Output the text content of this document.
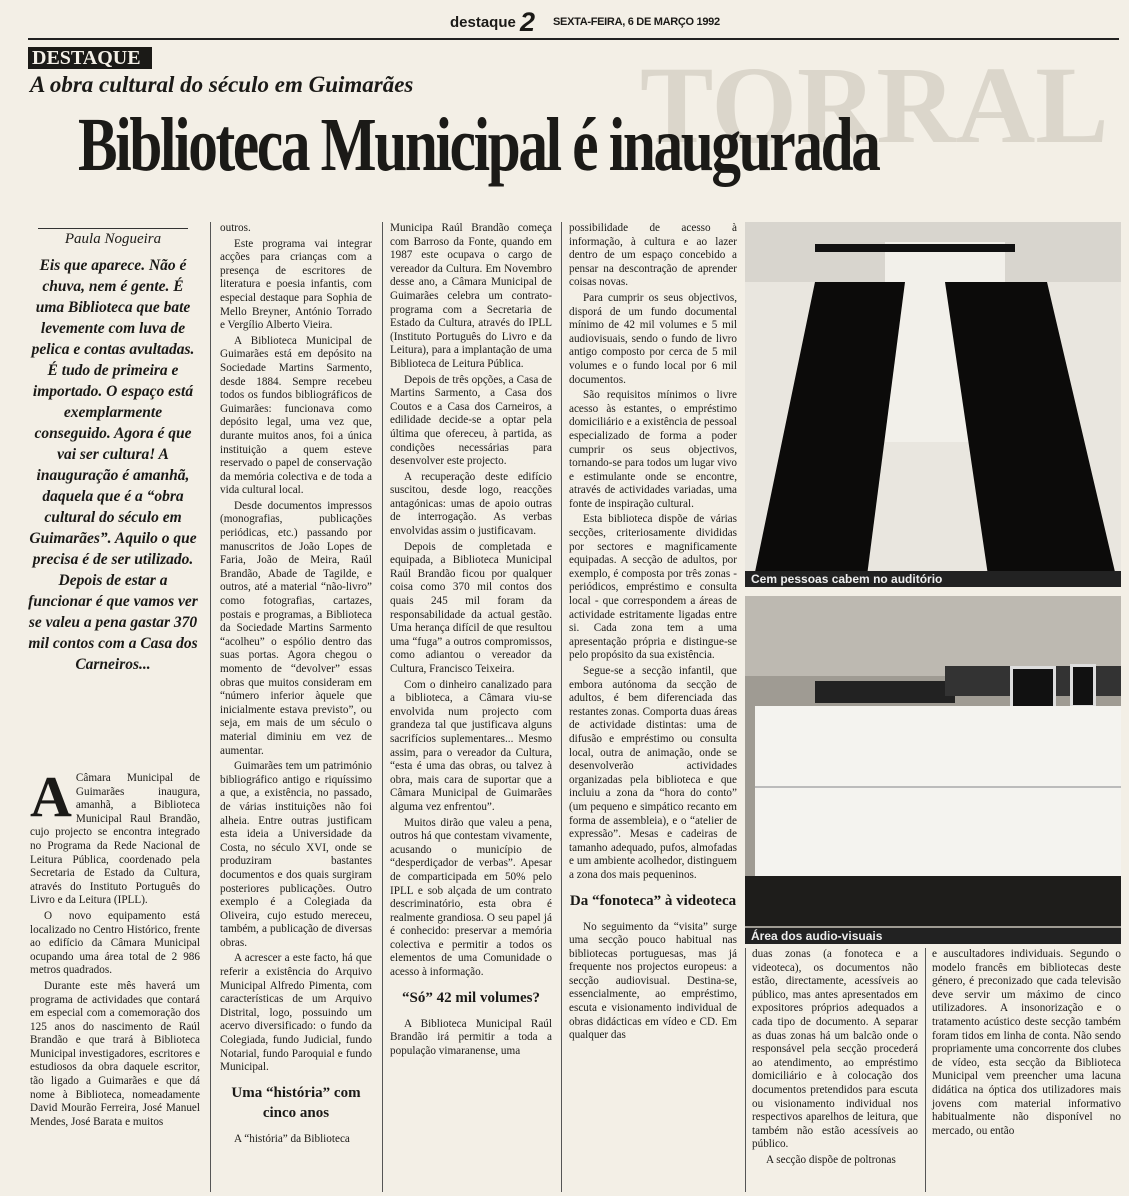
TORRAL
destaque 2 SEXTA-FEIRA, 6 DE MARÇO 1992
DESTAQUE
A obra cultural do século em Guimarães
Biblioteca Municipal é inaugurada
Paula Nogueira
Eis que aparece. Não é chuva, nem é gente. É uma Biblioteca que bate levemente com luva de pelica e contas avultadas. É tudo de primeira e importado. O espaço está exemplarmente conseguido. Agora é que vai ser cultura! A inauguração é amanhã, daquela que é a “obra cultural do século em Guimarães”. Aquilo o que precisa é de ser utilizado. Depois de estar a funcionar é que vamos ver se valeu a pena gastar 370 mil contos com a Casa dos Carneiros...
A Câmara Municipal de Guimarães inaugura, amanhã, a Biblioteca Municipal Raul Brandão, cujo projecto se encontra integrado no Programa da Rede Nacional de Leitura Pública, coordenado pela Secretaria de Estado da Cultura, através do Instituto Português do Livro e da Leitura (IPLL).

O novo equipamento está localizado no Centro Histórico, frente ao edifício da Câmara Municipal ocupando uma área total de 2 986 metros quadrados.

Durante este mês haverá um programa de actividades que contará em especial com a comemoração dos 125 anos do nascimento de Raúl Brandão e que trará à Biblioteca Municipal investigadores, escritores e estudiosos da obra daquele escritor, tão ligado a Guimarães e que dá nome à Biblioteca, nomeadamente David Mourão Ferreira, José Manuel Mendes, José Barata e muitos

outros.

Este programa vai integrar acções para crianças com a presença de escritores de literatura e poesia infantis, com especial destaque para Sophia de Mello Breyner, António Torrado e Vergílio Alberto Vieira.

A Biblioteca Municipal de Guimarães está em depósito na Sociedade Martins Sarmento, desde 1884. Sempre recebeu todos os fundos bibliográficos de Guimarães: funcionava como depósito legal, uma vez que, durante muitos anos, foi a única instituição a quem esteve reservado o papel de conservação da memória colectiva e de toda a vida cultural local.

Desde documentos impressos (monografias, publicações periódicas, etc.) passando por manuscritos de João Lopes de Faria, João de Meira, Raúl Brandão, Abade de Tagilde, e outros, até a material “não-livro” como fotografias, cartazes, postais e programas, a Biblioteca da Sociedade Martins Sarmento “acolheu” o espólio dentro das suas portas. Agora chegou o momento de “devolver” essas obras que muitos consideram em “número inferior àquele que inicialmente estava previsto”, ou seja, em mais de um século o material diminiu em vez de aumentar.

Guimarães tem um património bibliográfico antigo e riquíssimo a que, a existência, no passado, de várias instituições não foi alheia. Entre outras justificam esta ideia a Universidade da Costa, no século XVI, onde se produziram bastantes documentos e dos quais surgiram posteriores publicações. Outro exemplo é a Colegiada da Oliveira, cujo estudo mereceu, também, a publicação de diversas obras.

A acrescer a este facto, há que referir a existência do Arquivo Municipal Alfredo Pimenta, com características de um Arquivo Distrital, logo, possuindo um acervo diversificado: o fundo da Colegiada, fundo Judicial, fundo Notarial, fundo Paroquial e fundo Municipal.

Uma “história” com cinco anos

A “história” da Biblioteca

Municipa Raúl Brandão começa com Barroso da Fonte, quando em 1987 este ocupava o cargo de vereador da Cultura. Em Novembro desse ano, a Câmara Municipal de Guimarães celebra um contrato-programa com a Secretaria de Estado da Cultura, através do IPLL (Instituto Português do Livro e da Leitura), para a implantação de uma Biblioteca de Leitura Pública.

Depois de três opções, a Casa de Martins Sarmento, a Casa dos Coutos e a Casa dos Carneiros, a edilidade decide-se a optar pela última que ofereceu, à partida, as condições necessárias para desenvolver este projecto.

A recuperação deste edifício suscitou, desde logo, reacções antagónicas: umas de apoio outras de interrogação. As verbas envolvidas assim o justificavam.

Depois de completada e equipada, a Biblioteca Municipal Raúl Brandão ficou por qualquer coisa como 370 mil contos dos quais 245 mil foram da responsabilidade da actual gestão. Uma herança difícil de que resultou uma “fuga” a outros compromissos, como adiantou o vereador da Cultura, Francisco Teixeira.

Com o dinheiro canalizado para a biblioteca, a Câmara viu-se envolvida num projecto com grandeza tal que justificava alguns sacrifícios suplementares... Mesmo assim, para o vereador da Cultura, “esta é uma das obras, ou talvez à obra, mais cara de suportar que a Câmara Municipal de Guimarães alguma vez enfrentou”.

Muitos dirão que valeu a pena, outros há que contestam vivamente, acusando o município de “desperdiçador de verbas”. Apesar de comparticipada em 50% pelo IPLL e sob alçada de um contrato descriminatório, esta obra é realmente grandiosa. O seu papel já é conhecido: preservar a memória colectiva e permitir a todos os elementos de uma Comunidade o acesso à informação.

“Só” 42 mil volumes?

A Biblioteca Municipal Raúl Brandão irá permitir a toda a população vimaranense, uma

possibilidade de acesso à informação, à cultura e ao lazer dentro de um espaço concebido a pensar na descontração de aprender coisas novas.

Para cumprir os seus objectivos, disporá de um fundo documental mínimo de 42 mil volumes e 5 mil audiovisuais, sendo o fundo de livro antigo composto por cerca de 5 mil volumes e o fundo local por 6 mil documentos.

São requisitos mínimos o livre acesso às estantes, o empréstimo domiciliário e a existência de pessoal especializado de forma a poder cumprir os seus objectivos, tornando-se para todos um lugar vivo e estimulante onde se encontre, através de actividades variadas, uma fonte de inspiração cultural.

Esta biblioteca dispõe de várias secções, criteriosamente divididas por sectores e magnificamente equipadas. A secção de adultos, por exemplo, é composta por três zonas - periódicos, empréstimo e consulta local - que correspondem a áreas de actividade estritamente ligadas entre si. Cada zona tem a uma apresentação própria e distingue-se pelo propósito da sua existência.

Segue-se a secção infantil, que embora autónoma da secção de adultos, é bem diferenciada das restantes zonas. Comporta duas áreas de actividade distintas: uma de difusão e empréstimo ou consulta local, outra de animação, onde se desenvolverão actividades organizadas pela biblioteca e que incluiu a zona da “hora do conto” (um pequeno e simpático recanto em forma de assembleia), e o “atelier de expressão”. Mesas e cadeiras de tamanho adequado, pufos, almofadas e um ambiente acolhedor, distinguem a zona dos mais pequeninos.

Da “fonoteca” à videoteca

No seguimento da “visita” surge uma secção pouco habitual nas bibliotecas portuguesas, mas já frequente nos projectos europeus: a secção audiovisual. Destina-se, essencialmente, ao empréstimo, escuta e visionamento individual de obras didácticas em vídeo e CD. Em qualquer das

Cem pessoas cabem no auditório
Área dos audio-visuais

duas zonas (a fonoteca e a videoteca), os documentos não estão, directamente, acessíveis ao público, mas antes apresentados em expositores próprios adequados a cada tipo de documento. A separar as duas zonas há um balcão onde o responsável pela secção procederá ao atendimento, ao empréstimo domiciliário e à colocação dos documentos pretendidos para escuta ou visionamento individual nos respectivos aparelhos de leitura, que também não estão acessíveis ao público.

A secção dispõe de poltronas

e auscultadores individuais. Segundo o modelo francês em bibliotecas deste género, é preconizado que cada televisão deve servir um máximo de cinco utilizadores. A insonorização e o tratamento acústico deste secção também foram tidos em linha de conta. Não sendo propriamente uma concorrente dos clubes de vídeo, esta secção da Biblioteca Municipal vem preencher uma lacuna didática na óptica dos utilizadores mais jovens com material informativo habitualmente não disponível no mercado, ou então
